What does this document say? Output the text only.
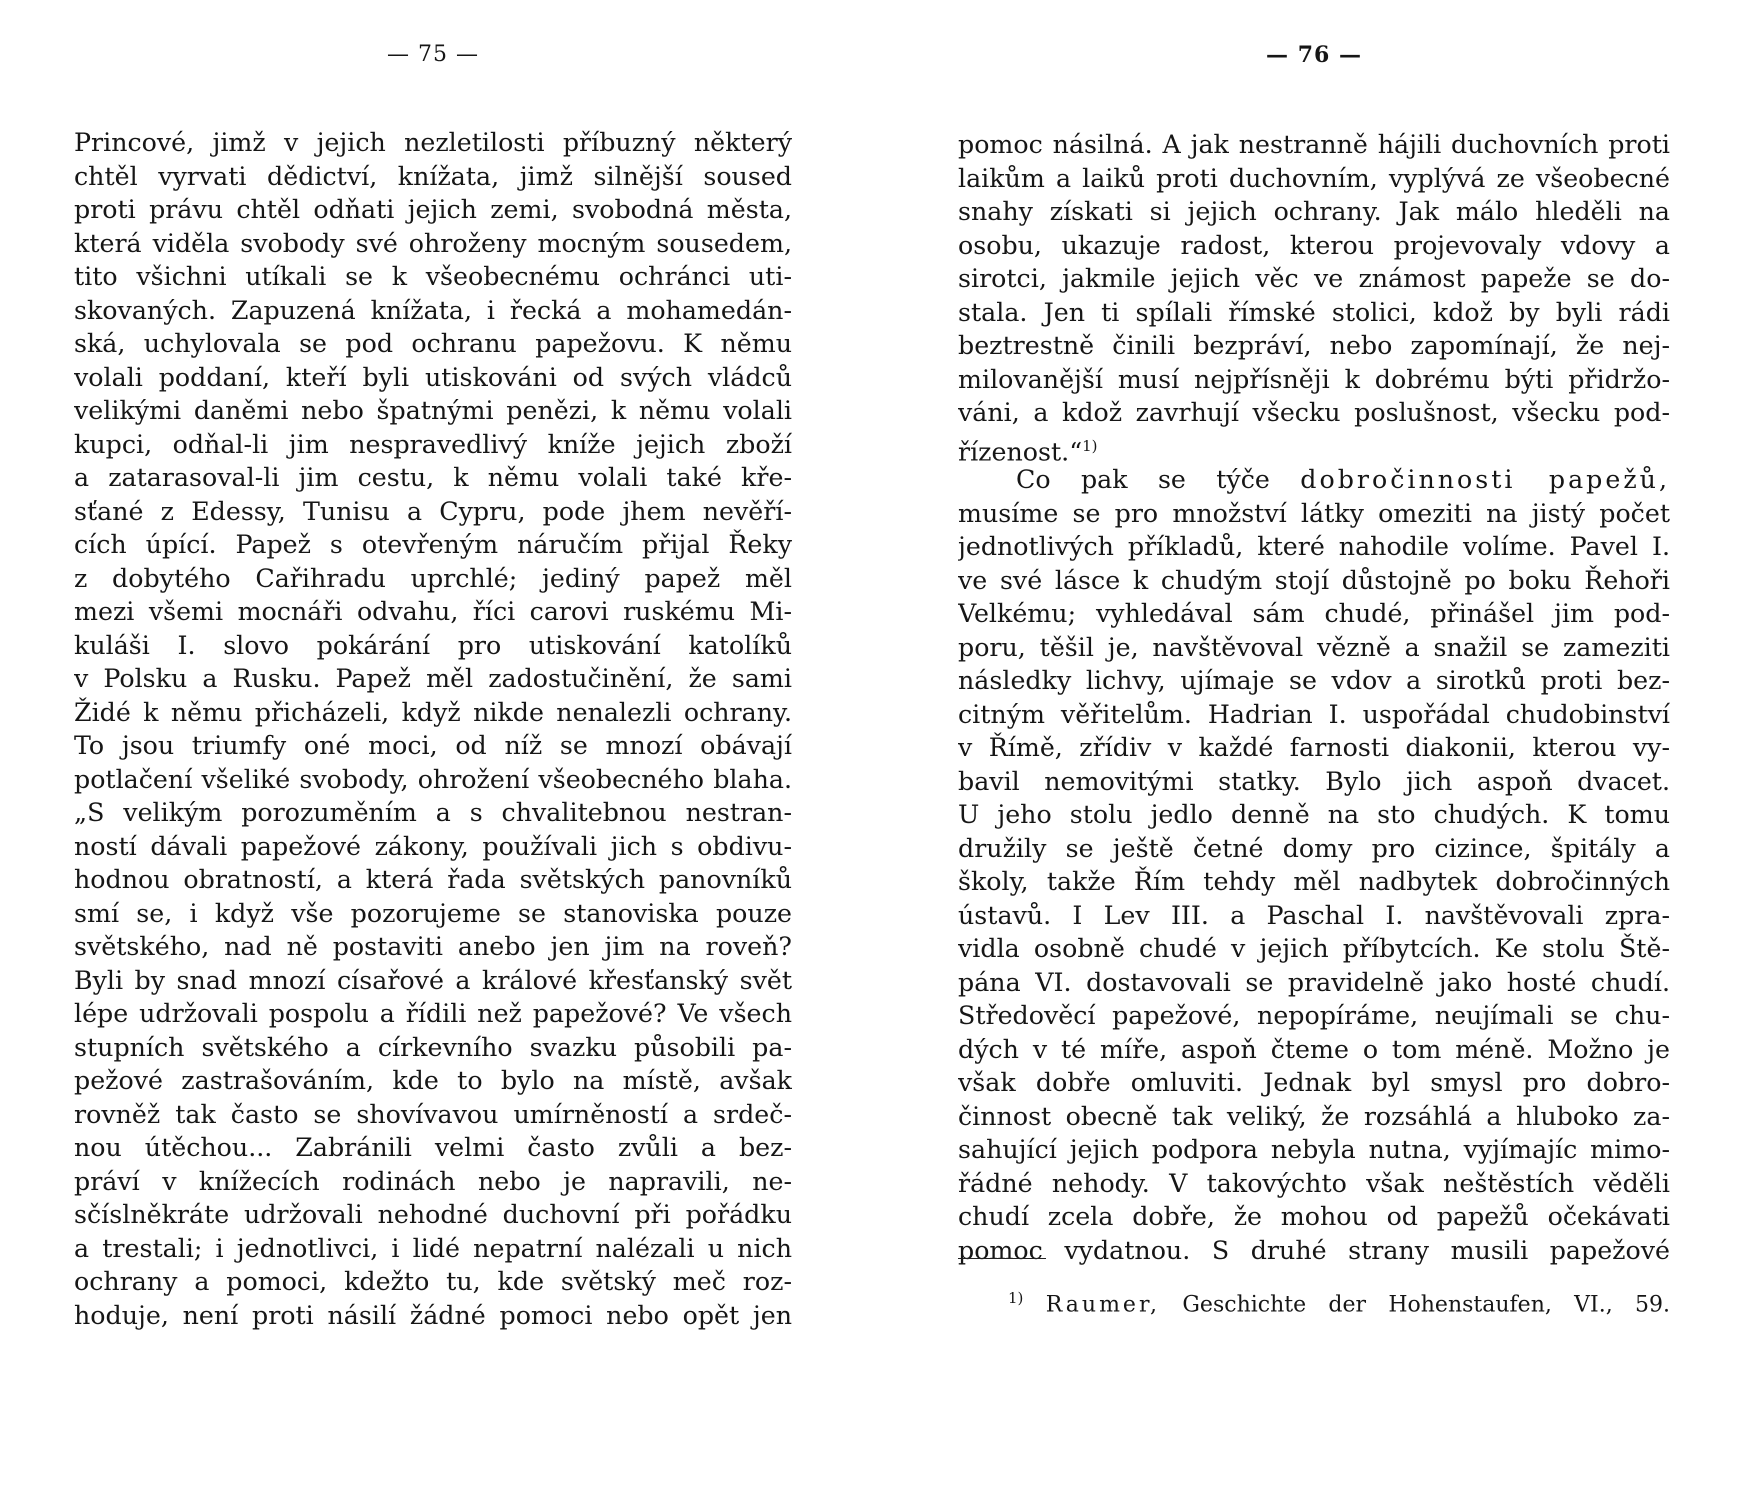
— 75 —
Princové, jimž v jejich nezletilosti příbuzný některý
chtěl vyrvati dědictví, knížata, jimž silnější soused
proti právu chtěl odňati jejich zemi, svobodná města,
která viděla svobody své ohroženy mocným sousedem,
tito všichni utíkali se k všeobecnému ochránci uti-
skovaných. Zapuzená knížata, i řecká a mohamedán-
ská, uchylovala se pod ochranu papežovu. K němu
volali poddaní, kteří byli utiskováni od svých vládců
velikými daněmi nebo špatnými penězi, k němu volali
kupci, odňal-li jim nespravedlivý kníže jejich zboží
a zatarasoval-li jim cestu, k němu volali také kře-
sťané z Edessy, Tunisu a Cypru, pode jhem nevěří-
cích úpící. Papež s otevřeným náručím přijal Řeky
z dobytého Cařihradu uprchlé; jediný papež měl
mezi všemi mocnáři odvahu, říci carovi ruskému Mi-
kuláši I. slovo pokárání pro utiskování katolíků
v Polsku a Rusku. Papež měl zadostučinění, že sami
Židé k němu přicházeli, když nikde nenalezli ochrany.
To jsou triumfy oné moci, od níž se mnozí obávají
potlačení všeliké svobody, ohrožení všeobecného blaha.
„S velikým porozuměním a s chvalitebnou nestran-
ností dávali papežové zákony, používali jich s obdivu-
hodnou obratností, a která řada světských panovníků
smí se, i když vše pozorujeme se stanoviska pouze
světského, nad ně postaviti anebo jen jim na roveň?
Byli by snad mnozí císařové a králové křesťanský svět
lépe udržovali pospolu a řídili než papežové? Ve všech
stupních světského a církevního svazku působili pa-
pežové zastrašováním, kde to bylo na místě, avšak
rovněž tak často se shovívavou umírněností a srdeč-
nou útěchou... Zabránili velmi často zvůli a bez-
práví v knížecích rodinách nebo je napravili, ne-
sčíslněkráte udržovali nehodné duchovní při pořádku
a trestali; i jednotlivci, i lidé nepatrní nalézali u nich
ochrany a pomoci, kdežto tu, kde světský meč roz-
hoduje, není proti násilí žádné pomoci nebo opět jen
— 76 —
pomoc násilná. A jak nestranně hájili duchovních proti
laikům a laiků proti duchovním, vyplývá ze všeobecné
snahy získati si jejich ochrany. Jak málo hleděli na
osobu, ukazuje radost, kterou projevovaly vdovy a
sirotci, jakmile jejich věc ve známost papeže se do-
stala. Jen ti spílali římské stolici, kdož by byli rádi
beztrestně činili bezpráví, nebo zapomínají, že nej-
milovanější musí nejpřísněji k dobrému býti přidržo-
váni, a kdož zavrhují všecku poslušnost, všecku pod-
řízenost.“$^{1)}$
Co pak se týče dobročinnosti papežů,
musíme se pro množství látky omeziti na jistý počet
jednotlivých příkladů, které nahodile volíme. Pavel I.
ve své lásce k chudým stojí důstojně po boku Řehoři
Velkému; vyhledával sám chudé, přinášel jim pod-
poru, těšil je, navštěvoval vězně a snažil se zameziti
následky lichvy, ujímaje se vdov a sirotků proti bez-
citným věřitelům. Hadrian I. uspořádal chudobinství
v Římě, zřídiv v každé farnosti diakonii, kterou vy-
bavil nemovitými statky. Bylo jich aspoň dvacet.
U jeho stolu jedlo denně na sto chudých. K tomu
družily se ještě četné domy pro cizince, špitály a
školy, takže Řím tehdy měl nadbytek dobročinných
ústavů. I Lev III. a Paschal I. navštěvovali zpra-
vidla osobně chudé v jejich příbytcích. Ke stolu Ště-
pána VI. dostavovali se pravidelně jako hosté chudí.
Středověcí papežové, nepopíráme, neujímali se chu-
dých v té míře, aspoň čteme o tom méně. Možno je
však dobře omluviti. Jednak byl smysl pro dobro-
činnost obecně tak veliký, že rozsáhlá a hluboko za-
sahující jejich podpora nebyla nutna, vyjímajíc mimo-
řádné nehody. V takovýchto však neštěstích věděli
chudí zcela dobře, že mohou od papežů očekávati
pomoc vydatnou. S druhé strany musili papežové
$^{1)}$ Raumer, Geschichte der Hohenstaufen, VI., 59.
